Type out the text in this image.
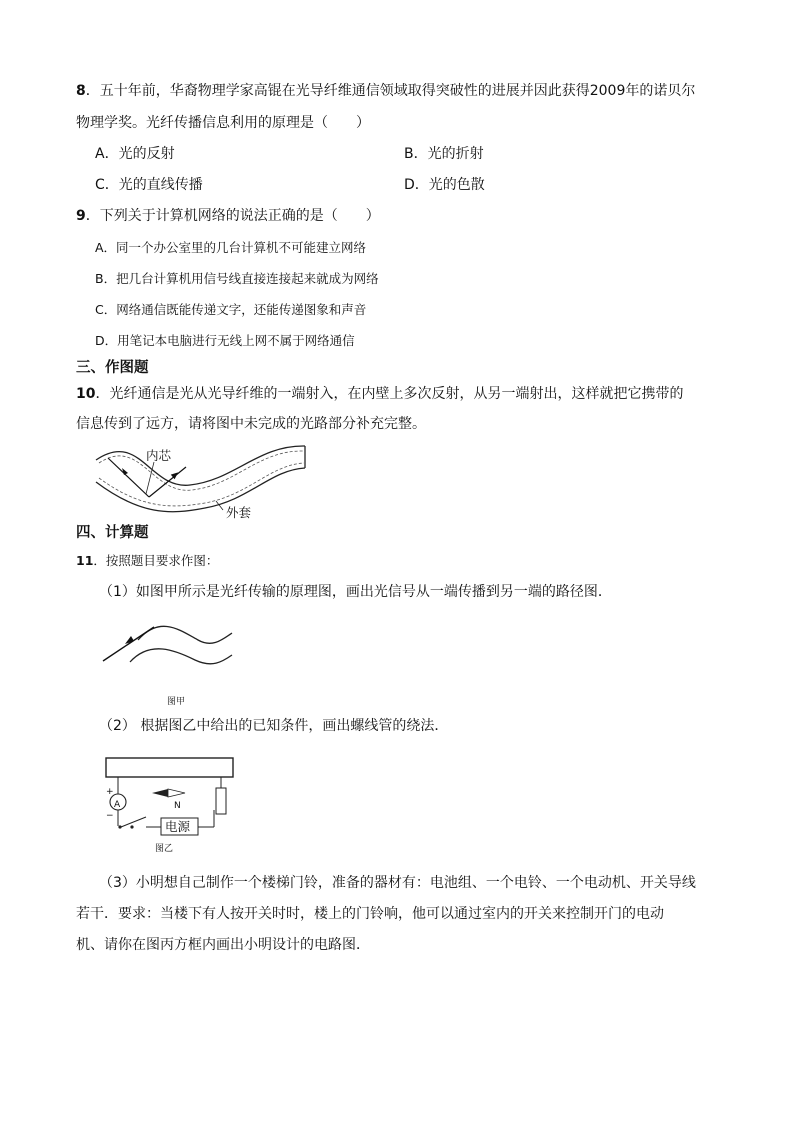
8．五十年前，华裔物理学家高锟在光导纤维通信领域取得突破性的进展并因此获得2009年的诺贝尔
物理学奖。光纤传播信息利用的原理是（　　）
A．光的反射	B．光的折射
C．光的直线传播	D．光的色散
9．下列关于计算机网络的说法正确的是（　　）
A．同一个办公室里的几台计算机不可能建立网络
B．把几台计算机用信号线直接连接起来就成为网络
C．网络通信既能传递文字，还能传递图象和声音
D．用笔记本电脑进行无线上网不属于网络通信
三、作图题
10．光纤通信是光从光导纤维的一端射入，在内壁上多次反射，从另一端射出，这样就把它携带的
信息传到了远方，请将图中未完成的光路部分补充完整。
内芯
外套
四、计算题
11．按照题目要求作图：
（1）如图甲所示是光纤传输的原理图，画出光信号从一端传播到另一端的路径图．
图甲
（2） 根据图乙中给出的已知条件，画出螺线管的绕法．
+
A
−
N
电源
图乙
（3）小明想自己制作一个楼梯门铃，准备的器材有：电池组、一个电铃、一个电动机、开关导线
若干．要求：当楼下有人按开关时时，楼上的门铃响，他可以通过室内的开关来控制开门的电动
机、请你在图丙方框内画出小明设计的电路图．
